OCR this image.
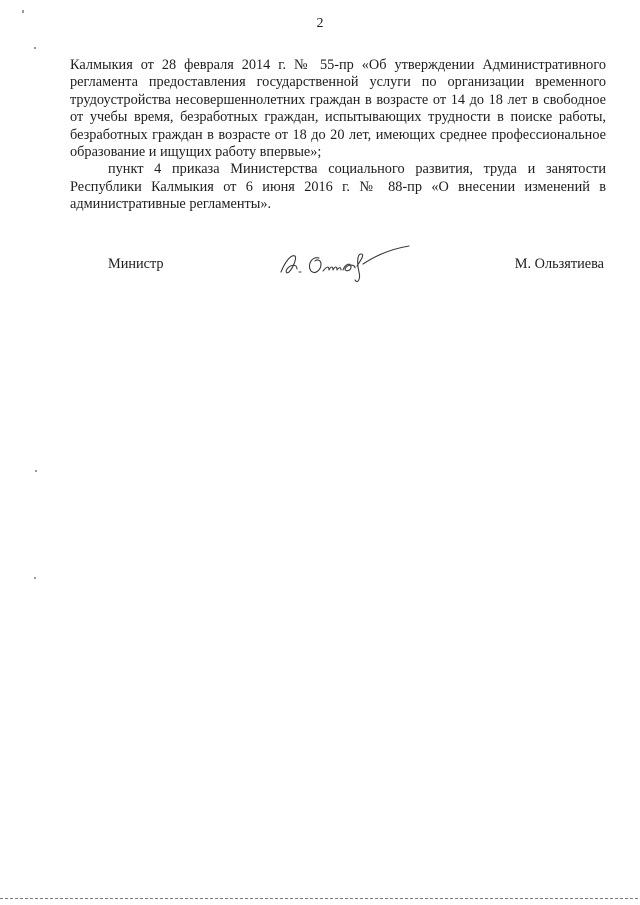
2

Калмыкия от 28 февраля 2014 г. № 55-пр «Об утверждении Административного регламента предоставления государственной услуги по организации временного трудоустройства несовершеннолетних граждан в возрасте от 14 до 18 лет в свободное от учебы время, безработных граждан, испытывающих трудности в поиске работы, безработных граждан в возрасте от 18 до 20 лет, имеющих среднее профессиональное образование и ищущих работу впервые»;

пункт 4 приказа Министерства социального развития, труда и занятости Республики Калмыкия от 6 июня 2016 г. № 88-пр «О внесении изменений в административные регламенты».

Министр	М. Ользятиева
